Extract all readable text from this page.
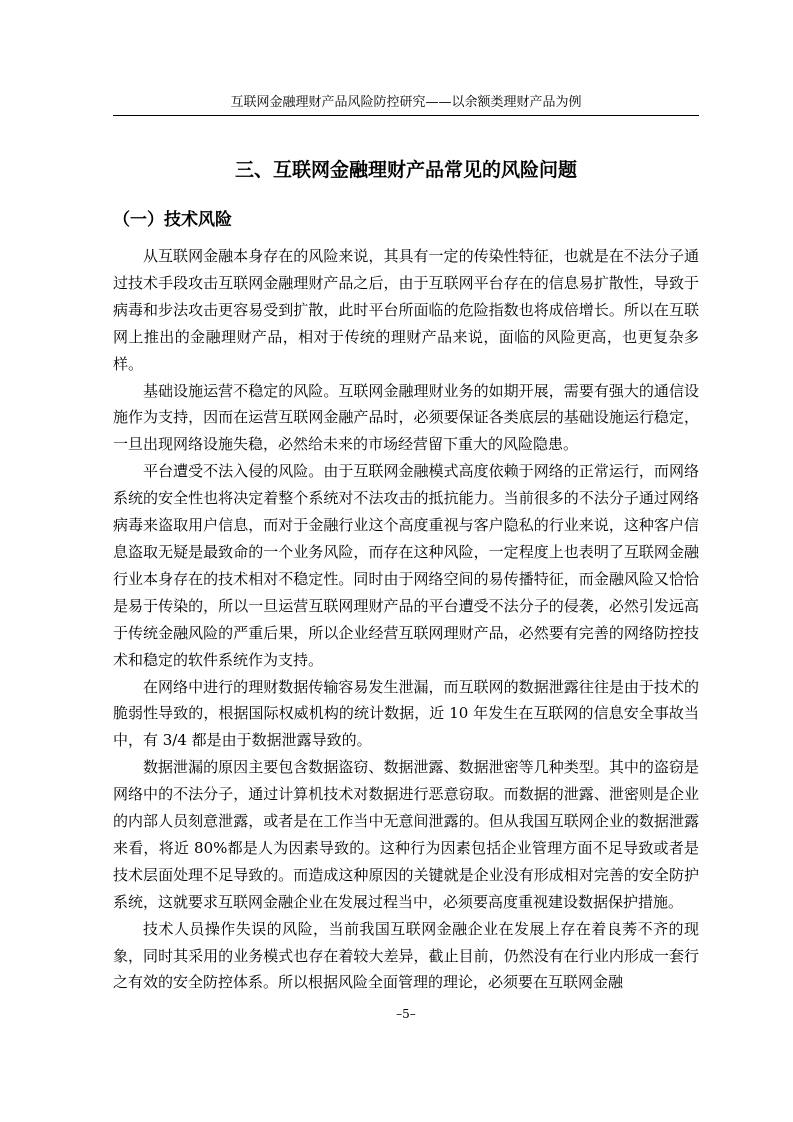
互联网金融理财产品风险防控研究——以余额类理财产品为例
三、互联网金融理财产品常见的风险问题
（一）技术风险

从互联网金融本身存在的风险来说，其具有一定的传染性特征，也就是在不法分子通过技术手段攻击互联网金融理财产品之后，由于互联网平台存在的信息易扩散性，导致于病毒和步法攻击更容易受到扩散，此时平台所面临的危险指数也将成倍增长。所以在互联网上推出的金融理财产品，相对于传统的理财产品来说，面临的风险更高，也更复杂多样。

基础设施运营不稳定的风险。互联网金融理财业务的如期开展，需要有强大的通信设施作为支持，因而在运营互联网金融产品时，必须要保证各类底层的基础设施运行稳定，一旦出现网络设施失稳，必然给未来的市场经营留下重大的风险隐患。

平台遭受不法入侵的风险。由于互联网金融模式高度依赖于网络的正常运行，而网络系统的安全性也将决定着整个系统对不法攻击的抵抗能力。当前很多的不法分子通过网络病毒来盗取用户信息，而对于金融行业这个高度重视与客户隐私的行业来说，这种客户信息盗取无疑是最致命的一个业务风险，而存在这种风险，一定程度上也表明了互联网金融行业本身存在的技术相对不稳定性。同时由于网络空间的易传播特征，而金融风险又恰恰是易于传染的，所以一旦运营互联网理财产品的平台遭受不法分子的侵袭，必然引发远高于传统金融风险的严重后果，所以企业经营互联网理财产品，必然要有完善的网络防控技术和稳定的软件系统作为支持。

在网络中进行的理财数据传输容易发生泄漏，而互联网的数据泄露往往是由于技术的脆弱性导致的，根据国际权威机构的统计数据，近 10 年发生在互联网的信息安全事故当中，有 3/4 都是由于数据泄露导致的。

数据泄漏的原因主要包含数据盗窃、数据泄露、数据泄密等几种类型。其中的盗窃是网络中的不法分子，通过计算机技术对数据进行恶意窃取。而数据的泄露、泄密则是企业的内部人员刻意泄露，或者是在工作当中无意间泄露的。但从我国互联网企业的数据泄露来看，将近 80%都是人为因素导致的。这种行为因素包括企业管理方面不足导致或者是技术层面处理不足导致的。而造成这种原因的关键就是企业没有形成相对完善的安全防护系统，这就要求互联网金融企业在发展过程当中，必须要高度重视建设数据保护措施。

技术人员操作失误的风险，当前我国互联网金融企业在发展上存在着良莠不齐的现象，同时其采用的业务模式也存在着较大差异，截止目前，仍然没有在行业内形成一套行之有效的安全防控体系。所以根据风险全面管理的理论，必须要在互联网金融

–5–
